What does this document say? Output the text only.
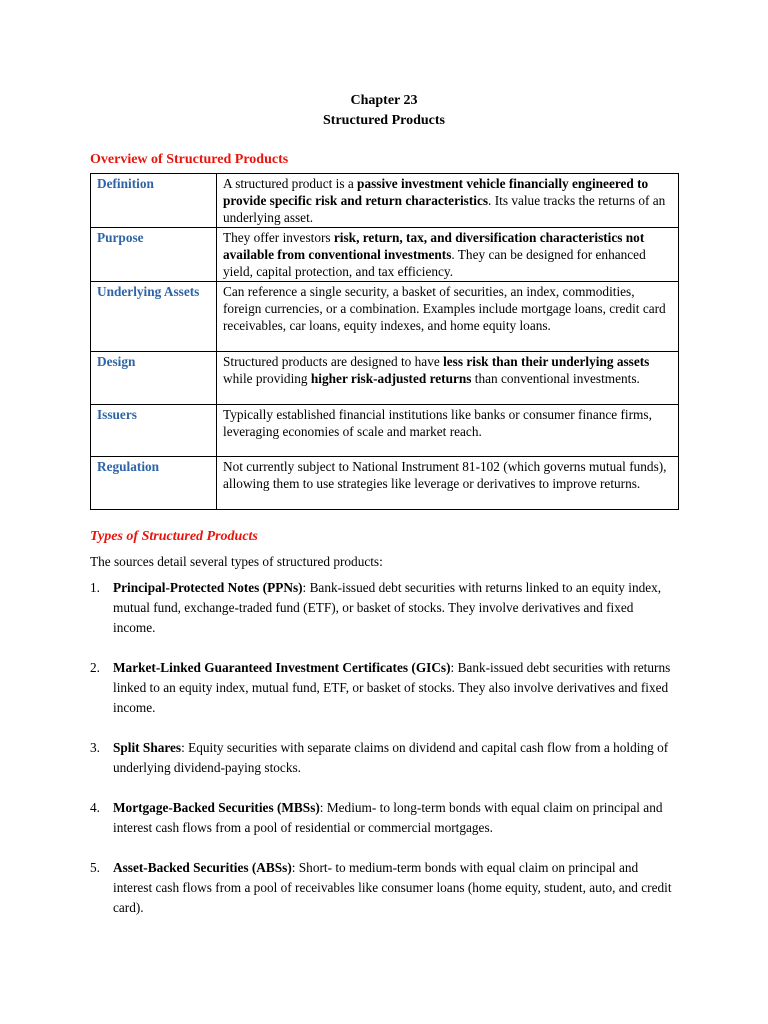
Chapter 23
Structured Products
Overview of Structured Products
Definition	A structured product is a passive investment vehicle financially engineered to provide specific risk and return characteristics. Its value tracks the returns of an underlying asset.
Purpose	They offer investors risk, return, tax, and diversification characteristics not available from conventional investments. They can be designed for enhanced yield, capital protection, and tax efficiency.
Underlying Assets	Can reference a single security, a basket of securities, an index, commodities, foreign currencies, or a combination. Examples include mortgage loans, credit card receivables, car loans, equity indexes, and home equity loans.
Design	Structured products are designed to have less risk than their underlying assets while providing higher risk-adjusted returns than conventional investments.
Issuers	Typically established financial institutions like banks or consumer finance firms, leveraging economies of scale and market reach.
Regulation	Not currently subject to National Instrument 81-102 (which governs mutual funds), allowing them to use strategies like leverage or derivatives to improve returns.
Types of Structured Products
The sources detail several types of structured products:
1. Principal-Protected Notes (PPNs): Bank-issued debt securities with returns linked to an equity index, mutual fund, exchange-traded fund (ETF), or basket of stocks. They involve derivatives and fixed income.
2. Market-Linked Guaranteed Investment Certificates (GICs): Bank-issued debt securities with returns linked to an equity index, mutual fund, ETF, or basket of stocks. They also involve derivatives and fixed income.
3. Split Shares: Equity securities with separate claims on dividend and capital cash flow from a holding of underlying dividend-paying stocks.
4. Mortgage-Backed Securities (MBSs): Medium- to long-term bonds with equal claim on principal and interest cash flows from a pool of residential or commercial mortgages.
5. Asset-Backed Securities (ABSs): Short- to medium-term bonds with equal claim on principal and interest cash flows from a pool of receivables like consumer loans (home equity, student, auto, and credit card).
